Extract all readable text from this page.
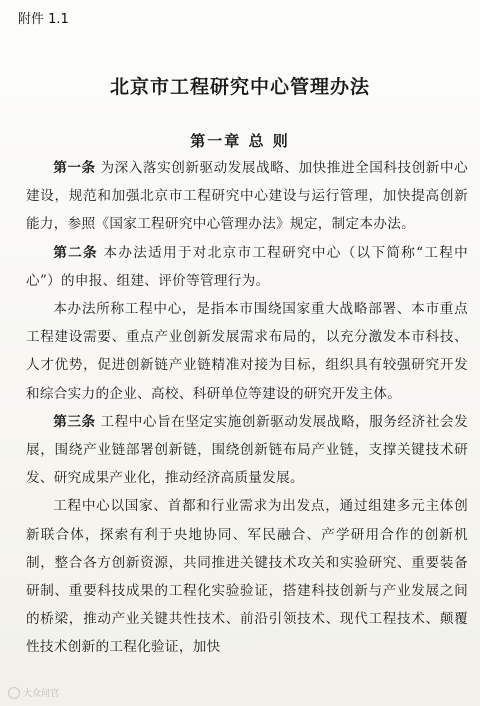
附件 1.1
北京市工程研究中心管理办法
第一章 总 则

第一条 为深入落实创新驱动发展战略、加快推进全国科技创新中心建设，规范和加强北京市工程研究中心建设与运行管理，加快提高创新能力，参照《国家工程研究中心管理办法》规定，制定本办法。

第二条 本办法适用于对北京市工程研究中心（以下简称“工程中心”）的申报、组建、评价等管理行为。

本办法所称工程中心，是指本市围绕国家重大战略部署、本市重点工程建设需要、重点产业创新发展需求布局的，以充分激发本市科技、人才优势，促进创新链产业链精准对接为目标，组织具有较强研究开发和综合实力的企业、高校、科研单位等建设的研究开发主体。

第三条 工程中心旨在坚定实施创新驱动发展战略，服务经济社会发展，围绕产业链部署创新链，围绕创新链布局产业链，支撑关键技术研发、研究成果产业化，推动经济高质量发展。

工程中心以国家、首都和行业需求为出发点，通过组建多元主体创新联合体，探索有利于央地协同、军民融合、产学研用合作的创新机制，整合各方创新资源，共同推进关键技术攻关和实验研究、重要装备研制、重要科技成果的工程化实验验证，搭建科技创新与产业发展之间的桥梁，推动产业关键共性技术、前沿引领技术、现代工程技术、颠覆性技术创新的工程化验证，加快

大众问官
